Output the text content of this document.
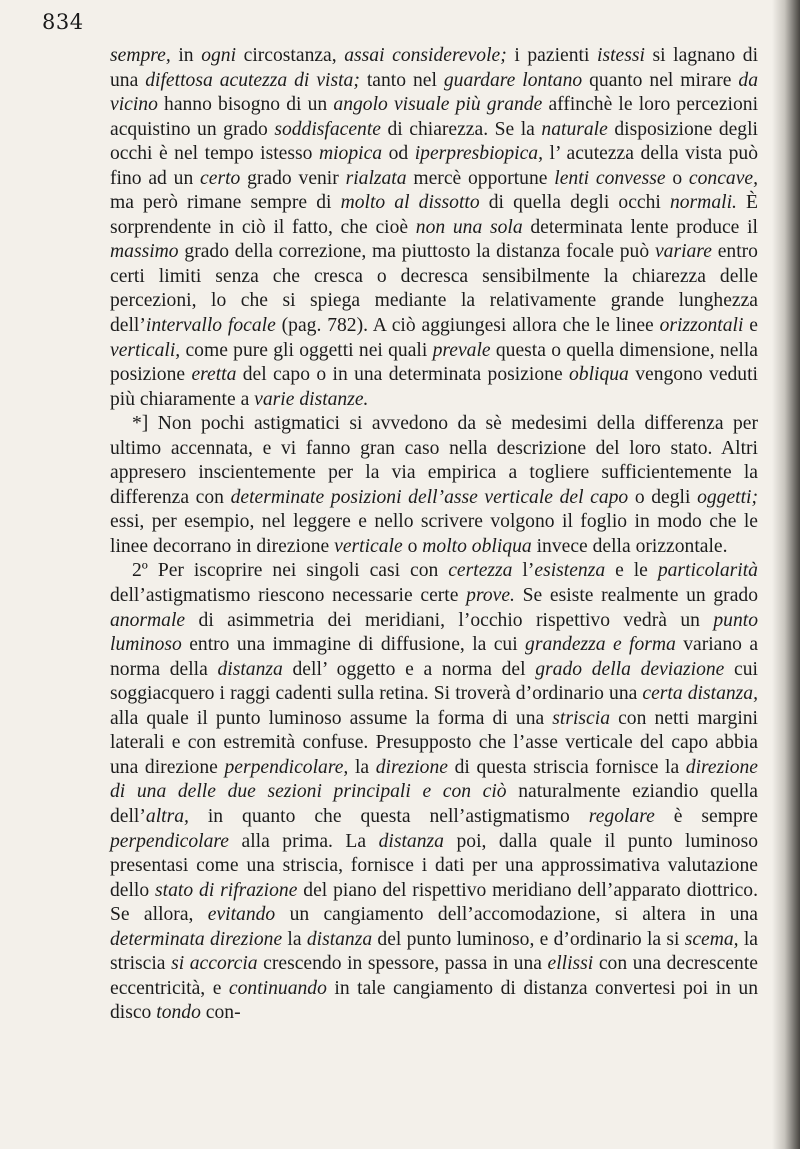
834

sempre, in ogni circostanza, assai considerevole; i pazienti istessi si lagnano di una difettosa acutezza di vista; tanto nel guardare lontano quanto nel mirare da vicino hanno bisogno di un angolo visuale più grande affinchè le loro percezioni acquistino un grado soddisfacente di chiarezza. Se la naturale disposizione degli occhi è nel tempo istesso miopica od iperpresbiopica, l’ acutezza della vista può fino ad un certo grado venir rialzata mercè opportune lenti convesse o concave, ma però rimane sempre di molto al dissotto di quella degli occhi normali. È sorprendente in ciò il fatto, che cioè non una sola determinata lente produce il massimo grado della correzione, ma piuttosto la distanza focale può variare entro certi limiti senza che cresca o decresca sensibilmente la chiarezza delle percezioni, lo che si spiega mediante la relativamente grande lunghezza dell’intervallo focale (pag. 782). A ciò aggiungesi allora che le linee orizzontali e verticali, come pure gli oggetti nei quali prevale questa o quella dimensione, nella posizione eretta del capo o in una determinata posizione obliqua vengono veduti più chiaramente a varie distanze.

*] Non pochi astigmatici si avvedono da sè medesimi della differenza per ultimo accennata, e vi fanno gran caso nella descrizione del loro stato. Altri appresero inscientemente per la via empirica a togliere sufficientemente la differenza con determinate posizioni dell’asse verticale del capo o degli oggetti; essi, per esempio, nel leggere e nello scrivere volgono il foglio in modo che le linee decorrano in direzione verticale o molto obliqua invece della orizzontale.

2º Per iscoprire nei singoli casi con certezza l’esistenza e le particolarità dell’astigmatismo riescono necessarie certe prove. Se esiste realmente un grado anormale di asimmetria dei meridiani, l’occhio rispettivo vedrà un punto luminoso entro una immagine di diffusione, la cui grandezza e forma variano a norma della distanza dell’ oggetto e a norma del grado della deviazione cui soggiacquero i raggi cadenti sulla retina. Si troverà d’ordinario una certa distanza, alla quale il punto luminoso assume la forma di una striscia con netti margini laterali e con estremità confuse. Presupposto che l’asse verticale del capo abbia una direzione perpendicolare, la direzione di questa striscia fornisce la direzione di una delle due sezioni principali e con ciò naturalmente eziandio quella dell’altra, in quanto che questa nell’astigmatismo regolare è sempre perpendicolare alla prima. La distanza poi, dalla quale il punto luminoso presentasi come una striscia, fornisce i dati per una approssimativa valutazione dello stato di rifrazione del piano del rispettivo meridiano dell’apparato diottrico. Se allora, evitando un cangiamento dell’accomodazione, si altera in una determinata direzione la distanza del punto luminoso, e d’ordinario la si scema, la striscia si accorcia crescendo in spessore, passa in una ellissi con una decrescente eccentricità, e continuando in tale cangiamento di distanza convertesi poi in un disco tondo con-
